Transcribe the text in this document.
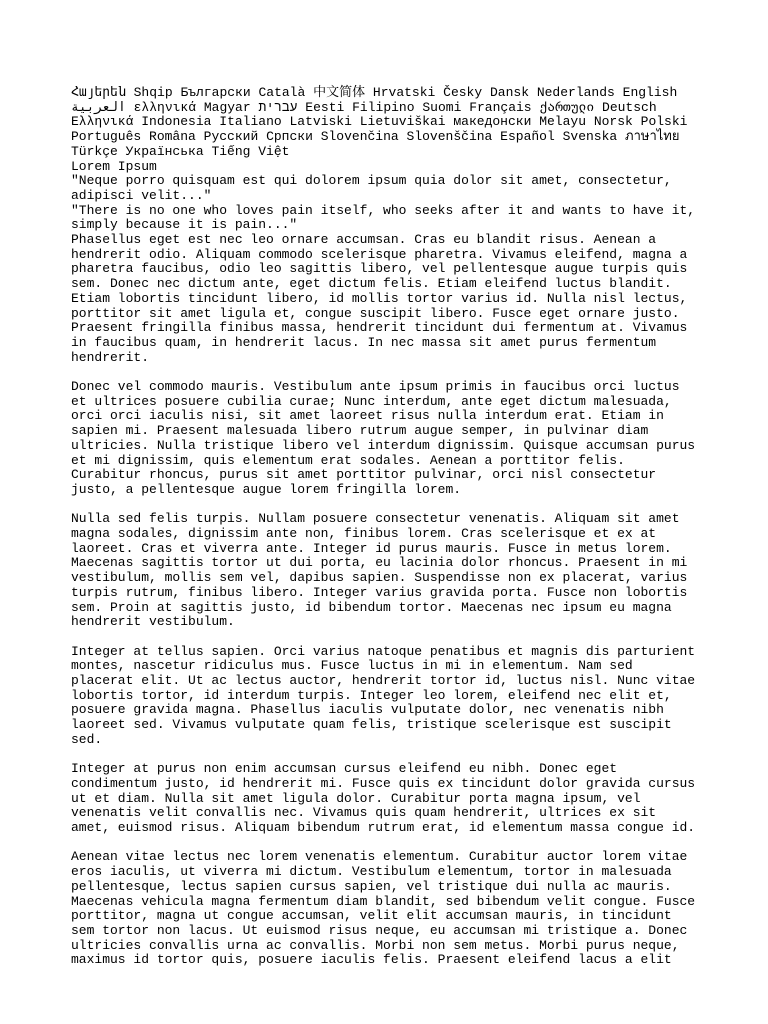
Հայերեն Shqip Български Català 中文简体 Hrvatski Česky Dansk Nederlands English العربية ελληνικά Magyar עברית Eesti Filipino Suomi Français ქართული Deutsch Ελληνικά Indonesia Italiano Latviski Lietuviškai македонски Melayu Norsk Polski Português Româna Pyccкий Српски Slovenčina Slovenščina Español Svenska ภาษาไทย Türkçe Українська Tiếng Việt
Lorem Ipsum
"Neque porro quisquam est qui dolorem ipsum quia dolor sit amet, consectetur, adipisci velit..."
"There is no one who loves pain itself, who seeks after it and wants to have it, simply because it is pain..."
Phasellus eget est nec leo ornare accumsan. Cras eu blandit risus. Aenean a hendrerit odio. Aliquam commodo scelerisque pharetra. Vivamus eleifend, magna a pharetra faucibus, odio leo sagittis libero, vel pellentesque augue turpis quis sem. Donec nec dictum ante, eget dictum felis. Etiam eleifend luctus blandit. Etiam lobortis tincidunt libero, id mollis tortor varius id. Nulla nisl lectus, porttitor sit amet ligula et, congue suscipit libero. Fusce eget ornare justo. Praesent fringilla finibus massa, hendrerit tincidunt dui fermentum at. Vivamus in faucibus quam, in hendrerit lacus. In nec massa sit amet purus fermentum hendrerit.
Donec vel commodo mauris. Vestibulum ante ipsum primis in faucibus orci luctus et ultrices posuere cubilia curae; Nunc interdum, ante eget dictum malesuada, orci orci iaculis nisi, sit amet laoreet risus nulla interdum erat. Etiam in sapien mi. Praesent malesuada libero rutrum augue semper, in pulvinar diam ultricies. Nulla tristique libero vel interdum dignissim. Quisque accumsan purus et mi dignissim, quis elementum erat sodales. Aenean a porttitor felis. Curabitur rhoncus, purus sit amet porttitor pulvinar, orci nisl consectetur justo, a pellentesque augue lorem fringilla lorem.
Nulla sed felis turpis. Nullam posuere consectetur venenatis. Aliquam sit amet magna sodales, dignissim ante non, finibus lorem. Cras scelerisque et ex at laoreet. Cras et viverra ante. Integer id purus mauris. Fusce in metus lorem. Maecenas sagittis tortor ut dui porta, eu lacinia dolor rhoncus. Praesent in mi vestibulum, mollis sem vel, dapibus sapien. Suspendisse non ex placerat, varius turpis rutrum, finibus libero. Integer varius gravida porta. Fusce non lobortis sem. Proin at sagittis justo, id bibendum tortor. Maecenas nec ipsum eu magna hendrerit vestibulum.
Integer at tellus sapien. Orci varius natoque penatibus et magnis dis parturient montes, nascetur ridiculus mus. Fusce luctus in mi in elementum. Nam sed placerat elit. Ut ac lectus auctor, hendrerit tortor id, luctus nisl. Nunc vitae lobortis tortor, id interdum turpis. Integer leo lorem, eleifend nec elit et, posuere gravida magna. Phasellus iaculis vulputate dolor, nec venenatis nibh laoreet sed. Vivamus vulputate quam felis, tristique scelerisque est suscipit sed.
Integer at purus non enim accumsan cursus eleifend eu nibh. Donec eget condimentum justo, id hendrerit mi. Fusce quis ex tincidunt dolor gravida cursus ut et diam. Nulla sit amet ligula dolor. Curabitur porta magna ipsum, vel venenatis velit convallis nec. Vivamus quis quam hendrerit, ultrices ex sit amet, euismod risus. Aliquam bibendum rutrum erat, id elementum massa congue id.
Aenean vitae lectus nec lorem venenatis elementum. Curabitur auctor lorem vitae eros iaculis, ut viverra mi dictum. Vestibulum elementum, tortor in malesuada pellentesque, lectus sapien cursus sapien, vel tristique dui nulla ac mauris. Maecenas vehicula magna fermentum diam blandit, sed bibendum velit congue. Fusce porttitor, magna ut congue accumsan, velit elit accumsan mauris, in tincidunt sem tortor non lacus. Ut euismod risus neque, eu accumsan mi tristique a. Donec ultricies convallis urna ac convallis. Morbi non sem metus. Morbi purus neque, maximus id tortor quis, posuere iaculis felis. Praesent eleifend lacus a elit
